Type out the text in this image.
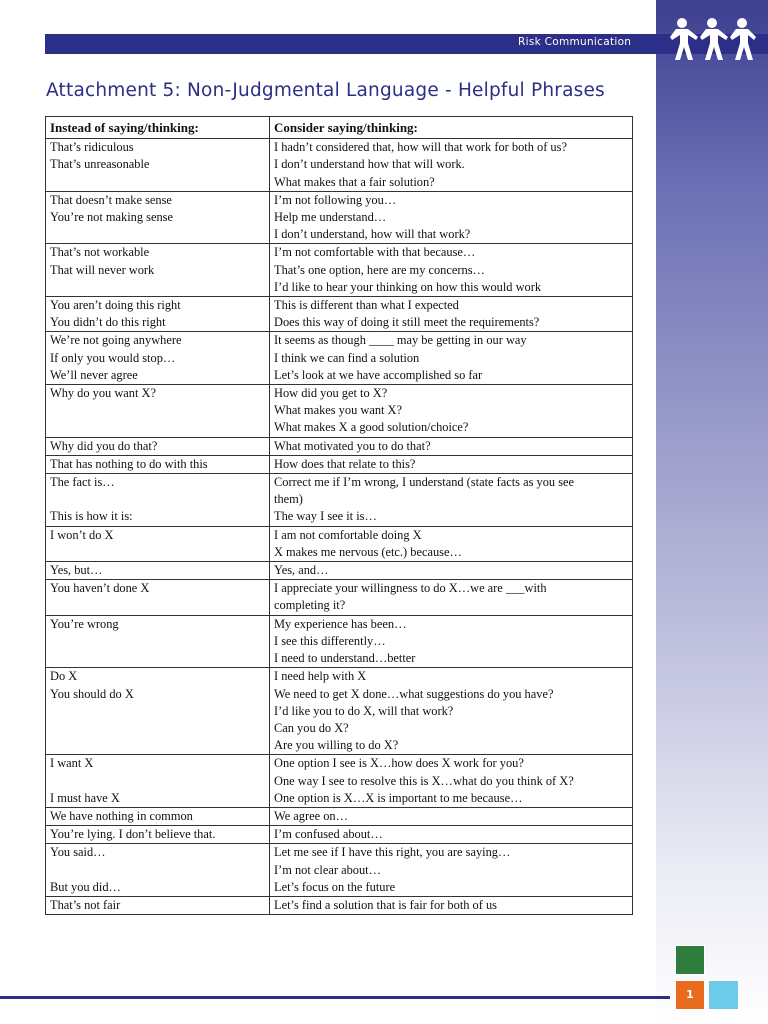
Risk Communication
Attachment 5: Non-Judgmental Language - Helpful Phrases
Instead of saying/thinking:	Consider saying/thinking:

That’s ridiculous
That’s unreasonable	I hadn’t considered that, how will that work for both of us?
I don’t understand how that will work.
What makes that a fair solution?

That doesn’t make sense
You’re not making sense	I’m not following you…
Help me understand…
I don’t understand, how will that work?

That’s not workable
That will never work	I’m not comfortable with that because…
That’s one option, here are my concerns…
I’d like to hear your thinking on how this would work

You aren’t doing this right
You didn’t do this right	This is different than what I expected
Does this way of doing it still meet the requirements?

We’re not going anywhere
If only you would stop…
We’ll never agree	It seems as though ____ may be getting in our way
I think we can find a solution
Let’s look at we have accomplished so far

Why do you want X?	How did you get to X?
What makes you want X?
What makes X a good solution/choice?

Why did you do that?	What motivated you to do that?

That has nothing to do with this	How does that relate to this?

The fact is…
This is how it is:	Correct me if I’m wrong, I understand (state facts as you see
them)
The way I see it is…

I won’t do X	I am not comfortable doing X
X makes me nervous (etc.) because…

Yes, but…	Yes, and…

You haven’t done X	I appreciate your willingness to do X…we are ___with
completing it?

You’re wrong	My experience has been…
I see this differently…
I need to understand…better

Do X
You should do X	I need help with X
We need to get X done…what suggestions do you have?
I’d like you to do X, will that work?
Can you do X?
Are you willing to do X?

I want X
I must have X	One option I see is X…how does X work for you?
One way I see to resolve this is X…what do you think of X?
One option is X…X is important to me because…

We have nothing in common	We agree on…

You’re lying. I don’t believe that.	I’m confused about…

You said…
But you did…	Let me see if I have this right, you are saying…
I’m not clear about…
Let’s focus on the future

That’s not fair	Let’s find a solution that is fair for both of us
1
